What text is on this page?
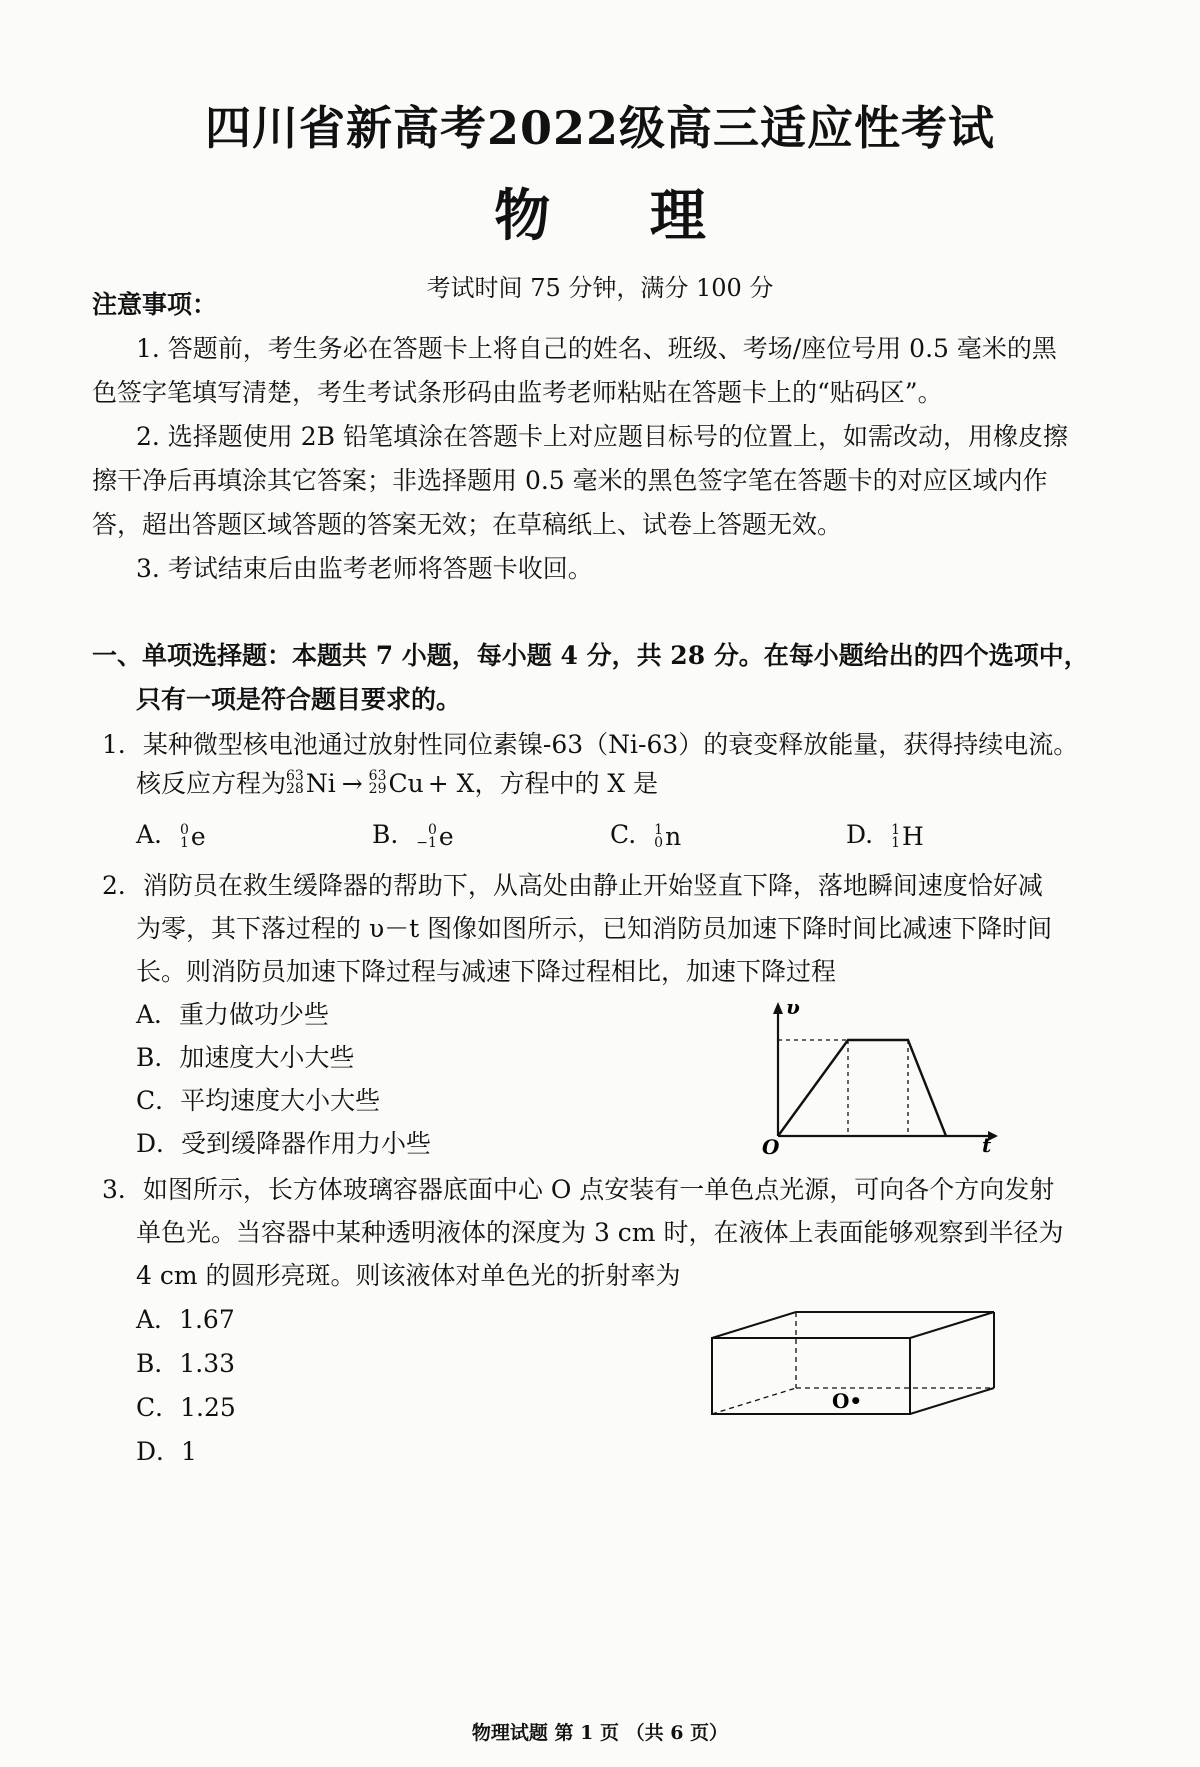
四川省新高考2022级高三适应性考试
物 理
考试时间 75 分钟，满分 100 分
注意事项：
1. 答题前，考生务必在答题卡上将自己的姓名、班级、考场/座位号用 0.5 毫米的黑
色签字笔填写清楚，考生考试条形码由监考老师粘贴在答题卡上的“贴码区”。
2. 选择题使用 2B 铅笔填涂在答题卡上对应题目标号的位置上，如需改动，用橡皮擦
擦干净后再填涂其它答案；非选择题用 0.5 毫米的黑色签字笔在答题卡的对应区域内作
答，超出答题区域答题的答案无效；在草稿纸上、试卷上答题无效。
3. 考试结束后由监考老师将答题卡收回。
一、单项选择题：本题共 7 小题，每小题 4 分，共 28 分。在每小题给出的四个选项中，
只有一项是符合题目要求的。
1．某种微型核电池通过放射性同位素镍-63（Ni-63）的衰变释放能量，获得持续电流。
核反应方程为 63
28 Ni → 63
29 Cu + X ，方程中的 X 是
A. 0
1 e	B.	0
−1 e	C. 1
0 n	D. 1
1 H
2．消防员在救生缓降器的帮助下，从高处由静止开始竖直下降，落地瞬间速度恰好减
为零，其下落过程的 υ－t 图像如图所示，已知消防员加速下降时间比减速下降时间
长。则消防员加速下降过程与减速下降过程相比，加速下降过程
A．重力做功少些
B．加速度大小大些
C．平均速度大小大些
D．受到缓降器作用力小些
υ
t
O
3．如图所示，长方体玻璃容器底面中心 O 点安装有一单色点光源，可向各个方向发射
单色光。当容器中某种透明液体的深度为 3 cm 时，在液体上表面能够观察到半径为
4 cm 的圆形亮斑。则该液体对单色光的折射率为
A．1.67
B．1.33
C．1.25
D．1
O•
物理试题 第 1 页 （共 6 页）
